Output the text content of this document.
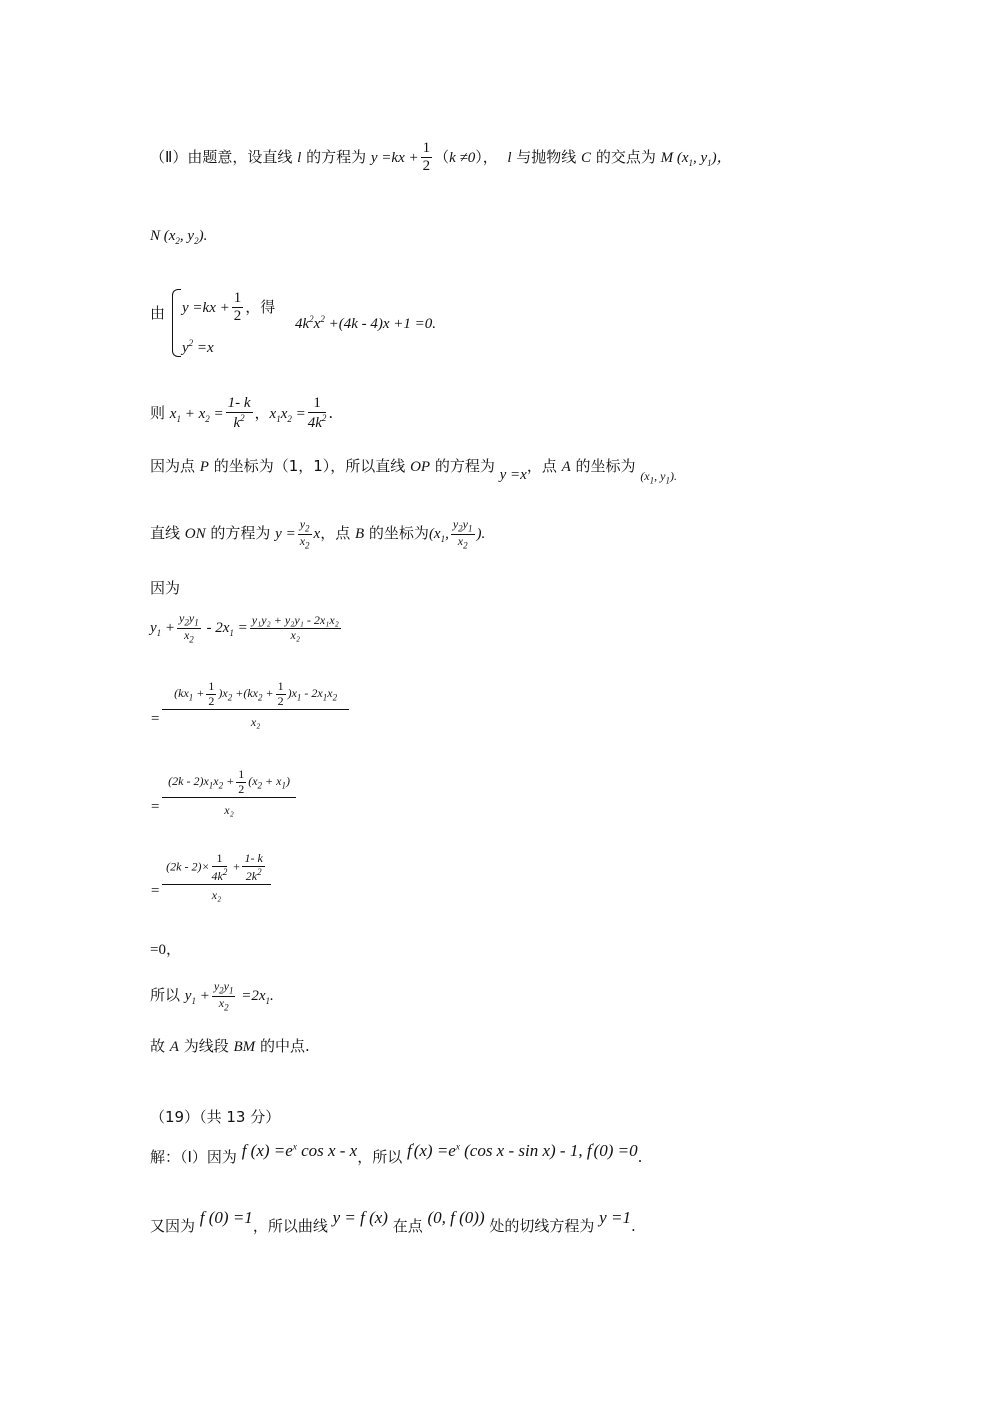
（Ⅱ）由题意，设直线 l 的方程为 $y =kx + \frac{1}{2} (k \ne 0)$， l 与抛物线 C 的交点为 M ($x_1$, $y_1$)，
N ($x_2$, $y_2$).
由 $y =kx + \frac{1}{2}$ ，得
$4k^2x^2 +(4k - 4)x +1 =0$.
$y^2 =x$
则 $x_1 + x_2 = \frac{1- k}{k^2}$ ，$x_1x_2 = \frac{1}{4k^2}$ .
因为点 P 的坐标为（1，1），所以直线 OP 的方程为 y =x，点 A 的坐标为 $_{(x_1, y_1).}$
直线 ON 的方程为 $y = \frac{y_2}{x_2}$ x，点 B 的坐标为($x_1$, $\frac{y_2y_1}{x_2}$ ).
因为
$y_1 + \frac{y_2y_1}{x_2} - 2x_1 = \frac{\text{y₁y₂ + y₂y₁ - 2x₁x₂}}{\text{x₂}}$
= $\frac{(kx_1 + \frac{1}{2} )x_2 +(kx_2 + \frac{1}{2} )x_1 - 2x_1x_2}{\text{x₂}}$
= $\frac{(2k - 2)x_1x_2 + \frac{1}{2} (x_2 + x_1)}{\text{x₂}}$
= $\frac{(2k - 2)\times \frac{1}{4k^2} + \frac{1- k}{2k^2}}{\text{x₂}}$
=0，
所以 $y_1 + \frac{y_2y_1}{x_2} =2x_1$.
故 A 为线段 BM 的中点.
（19）（共 13 分）
解：（Ⅰ）因为 f $(x) =e^x$ cos x - x，所以 $f'(x) =e^x$ (cos x - sin x) - 1, f′(0) =0.
又因为 f (0) =1，所以曲线 y = f (x) 在点 (0, f (0)) 处的切线方程为 y =1.
